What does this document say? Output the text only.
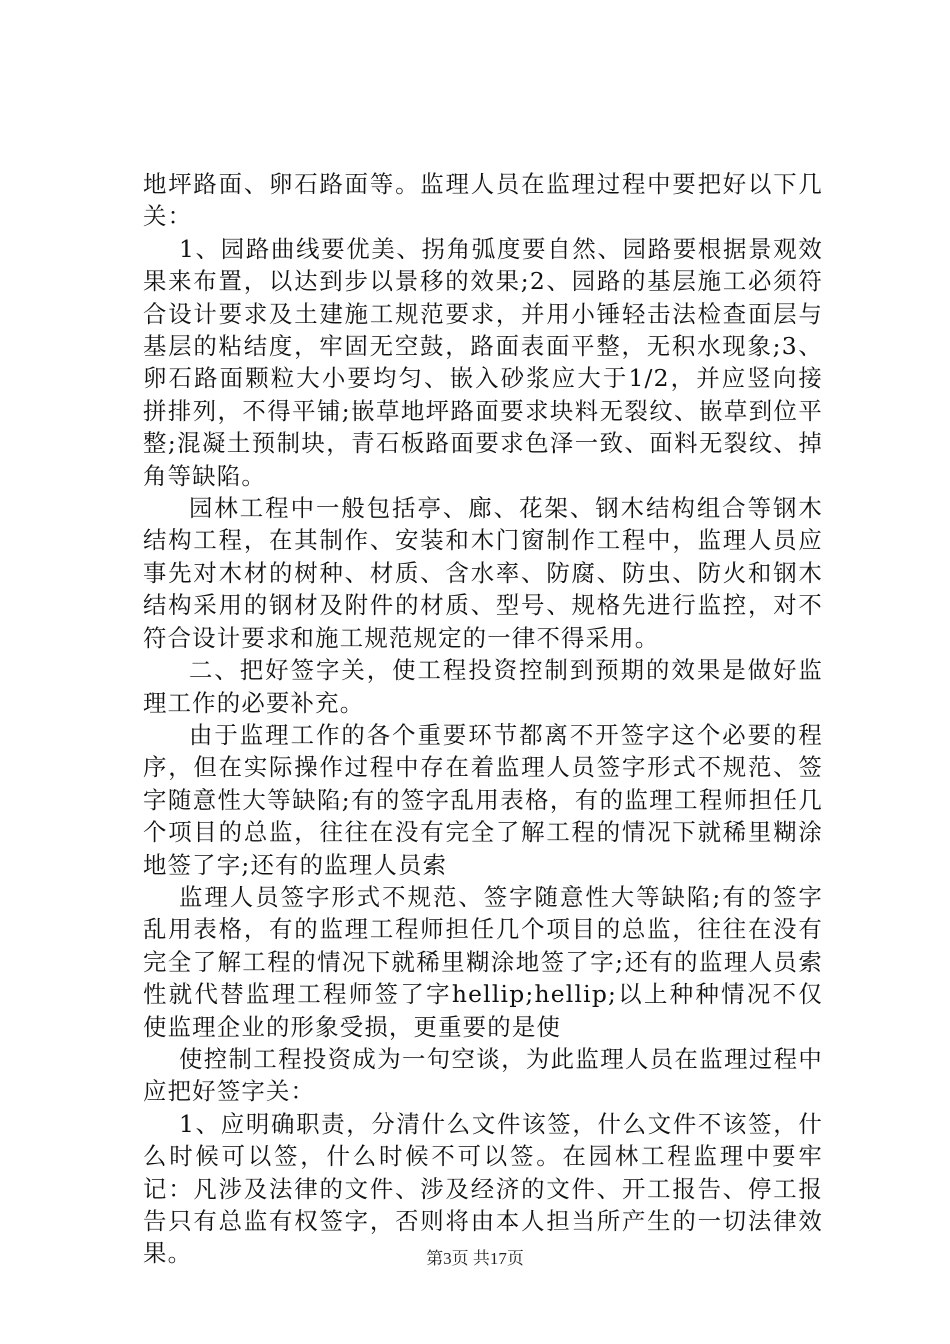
地坪路面、卵石路面等。监理人员在监理过程中要把好以下几关：

1、园路曲线要优美、拐角弧度要自然、园路要根据景观效果来布置，以达到步以景移的效果;2、园路的基层施工必须符合设计要求及土建施工规范要求，并用小锤轻击法检查面层与基层的粘结度，牢固无空鼓，路面表面平整，无积水现象;3、卵石路面颗粒大小要均匀、嵌入砂浆应大于1/2，并应竖向接拼排列，不得平铺;嵌草地坪路面要求块料无裂纹、嵌草到位平整;混凝土预制块，青石板路面要求色泽一致、面料无裂纹、掉角等缺陷。

园林工程中一般包括亭、廊、花架、钢木结构组合等钢木结构工程，在其制作、安装和木门窗制作工程中，监理人员应事先对木材的树种、材质、含水率、防腐、防虫、防火和钢木结构采用的钢材及附件的材质、型号、规格先进行监控，对不符合设计要求和施工规范规定的一律不得采用。

二、把好签字关，使工程投资控制到预期的效果是做好监理工作的必要补充。

由于监理工作的各个重要环节都离不开签字这个必要的程序，但在实际操作过程中存在着监理人员签字形式不规范、签字随意性大等缺陷;有的签字乱用表格，有的监理工程师担任几个项目的总监，往往在没有完全了解工程的情况下就稀里糊涂地签了字;还有的监理人员索

监理人员签字形式不规范、签字随意性大等缺陷;有的签字乱用表格，有的监理工程师担任几个项目的总监，往往在没有完全了解工程的情况下就稀里糊涂地签了字;还有的监理人员索性就代替监理工程师签了字hellip;hellip;以上种种情况不仅使监理企业的形象受损，更重要的是使

使控制工程投资成为一句空谈，为此监理人员在监理过程中应把好签字关：

1、应明确职责，分清什么文件该签，什么文件不该签，什么时候可以签，什么时候不可以签。在园林工程监理中要牢记：凡涉及法律的文件、涉及经济的文件、开工报告、停工报告只有总监有权签字，否则将由本人担当所产生的一切法律效果。	第3页 共17页
